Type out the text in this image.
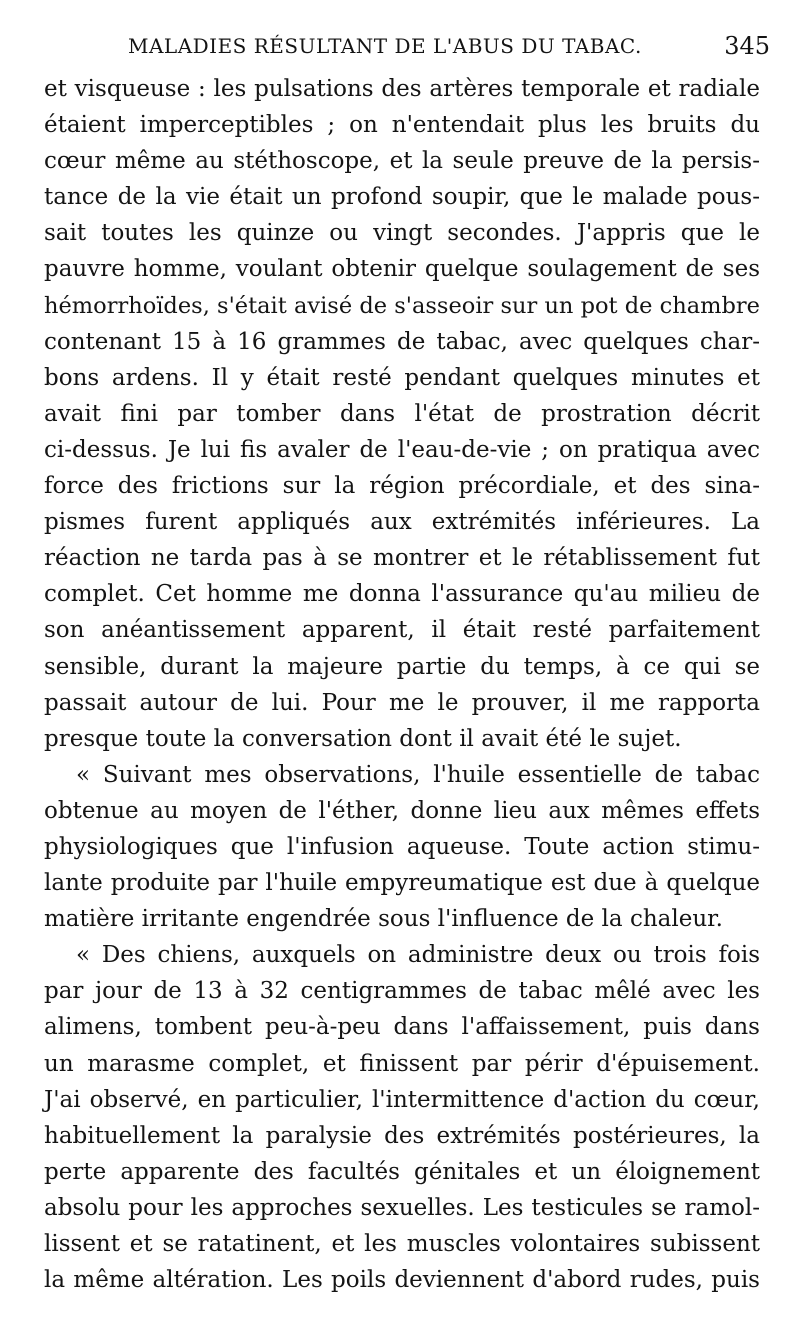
MALADIES RÉSULTANT DE L'ABUS DU TABAC.	345
et visqueuse : les pulsations des artères temporale et radiale
étaient imperceptibles ; on n'entendait plus les bruits du
cœur même au stéthoscope, et la seule preuve de la persis-
tance de la vie était un profond soupir, que le malade pous-
sait toutes les quinze ou vingt secondes. J'appris que le
pauvre homme, voulant obtenir quelque soulagement de ses
hémorrhoïdes, s'était avisé de s'asseoir sur un pot de chambre
contenant 15 à 16 grammes de tabac, avec quelques char-
bons ardens. Il y était resté pendant quelques minutes et
avait fini par tomber dans l'état de prostration décrit
ci-dessus. Je lui fis avaler de l'eau-de-vie ; on pratiqua avec
force des frictions sur la région précordiale, et des sina-
pismes furent appliqués aux extrémités inférieures. La
réaction ne tarda pas à se montrer et le rétablissement fut
complet. Cet homme me donna l'assurance qu'au milieu de
son anéantissement apparent, il était resté parfaitement
sensible, durant la majeure partie du temps, à ce qui se
passait autour de lui. Pour me le prouver, il me rapporta
presque toute la conversation dont il avait été le sujet.
« Suivant mes observations, l'huile essentielle de tabac
obtenue au moyen de l'éther, donne lieu aux mêmes effets
physiologiques que l'infusion aqueuse. Toute action stimu-
lante produite par l'huile empyreumatique est due à quelque
matière irritante engendrée sous l'influence de la chaleur.
« Des chiens, auxquels on administre deux ou trois fois
par jour de 13 à 32 centigrammes de tabac mêlé avec les
alimens, tombent peu-à-peu dans l'affaissement, puis dans
un marasme complet, et finissent par périr d'épuisement.
J'ai observé, en particulier, l'intermittence d'action du cœur,
habituellement la paralysie des extrémités postérieures, la
perte apparente des facultés génitales et un éloignement
absolu pour les approches sexuelles. Les testicules se ramol-
lissent et se ratatinent, et les muscles volontaires subissent
la même altération. Les poils deviennent d'abord rudes, puis
